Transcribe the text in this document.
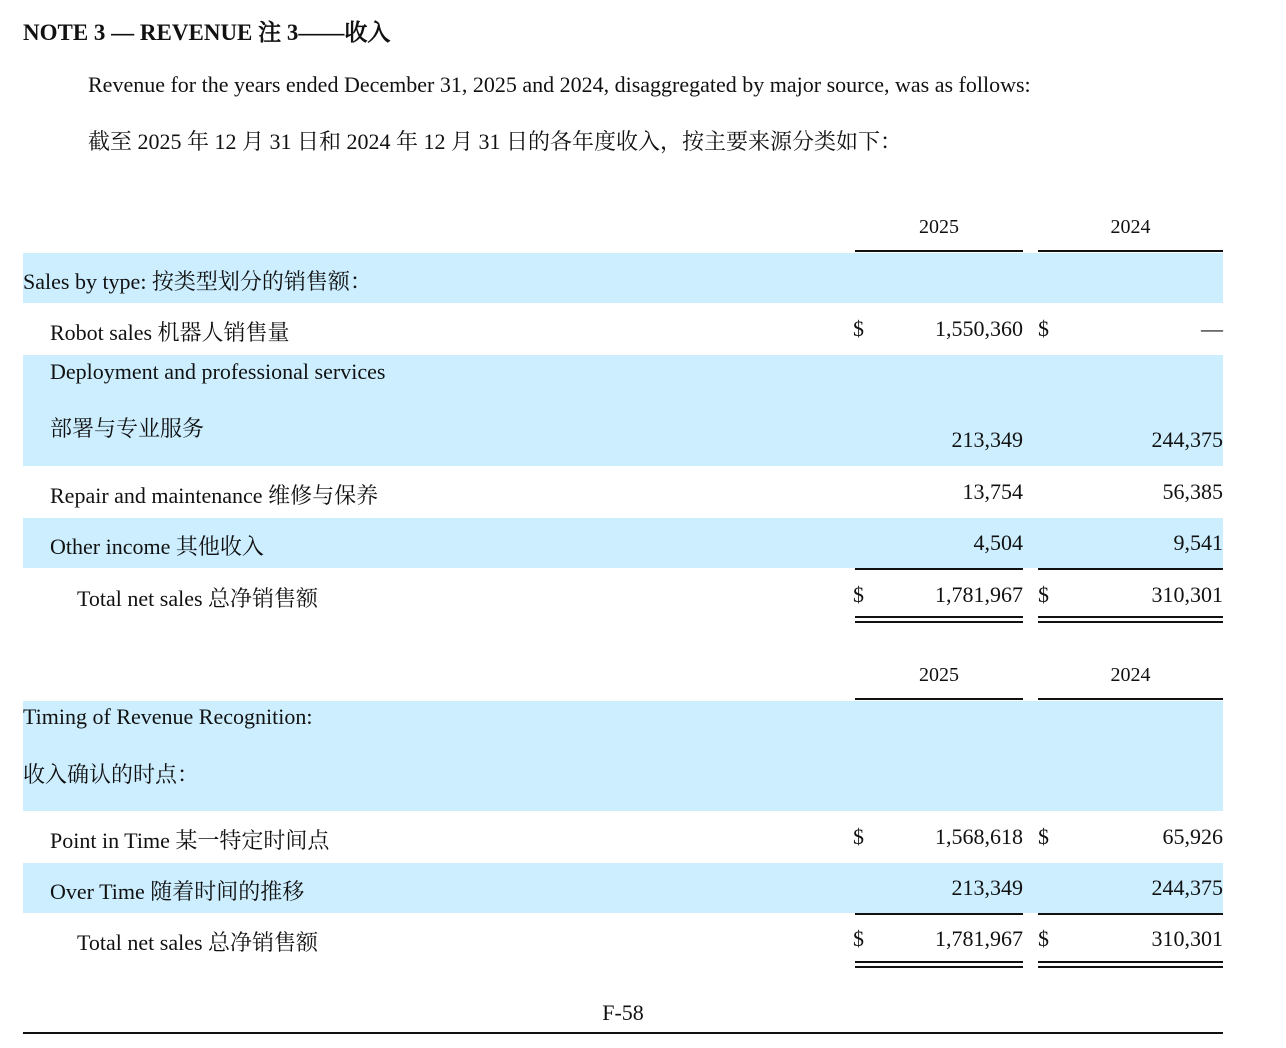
NOTE 3 — REVENUE 注 3——收入
Revenue for the years ended December 31, 2025 and 2024, disaggregated by major source, was as follows:
截至 2025 年 12 月 31 日和 2024 年 12 月 31 日的各年度收入，按主要来源分类如下：
2025	2024
Sales by type: 按类型划分的销售额：
Robot sales 机器人销售量	$	1,550,360 $	—
Deployment and professional services
部署与专业服务	213,349	244,375
Repair and maintenance 维修与保养	13,754	56,385
Other income 其他收入	4,504	9,541
Total net sales 总净销售额	$	1,781,967 $	310,301
2025	2024
Timing of Revenue Recognition:
收入确认的时点：
Point in Time 某一特定时间点	$	1,568,618 $	65,926
Over Time 随着时间的推移	213,349	244,375
Total net sales 总净销售额	$	1,781,967 $	310,301
F-58
